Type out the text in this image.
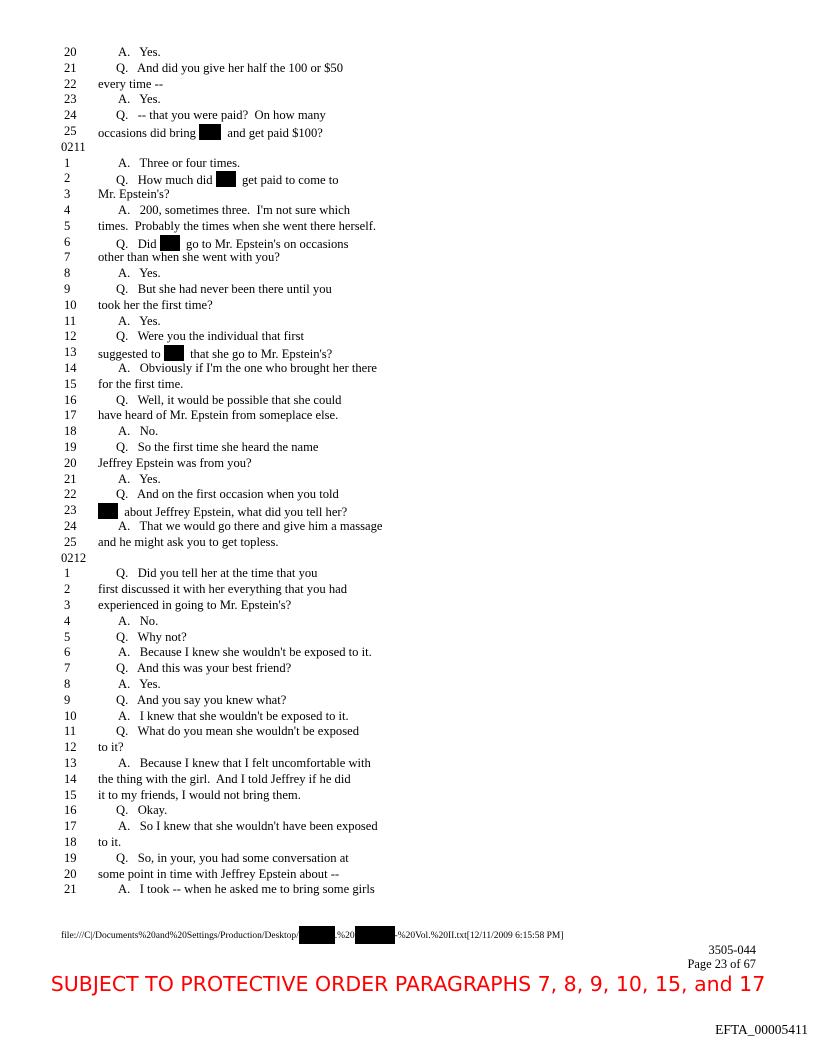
20	A.   Yes.
21	Q.   And did you give her half the 100 or $50
22 every time --
23	A.   Yes.
24	Q.   -- that you were paid?  On how many
25 occasions did bring   and get paid $100?
0211
1	A.   Three or four times.
2	Q.   How much did   get paid to come to
3 Mr. Epstein's?
4	A.   200, sometimes three.  I'm not sure which
5 times.  Probably the times when she went there herself.
6	Q.   Did   go to Mr. Epstein's on occasions
7 other than when she went with you?
8	A.   Yes.
9	Q.   But she had never been there until you
10 took her the first time?
11	A.   Yes.
12	Q.   Were you the individual that first
13 suggested to   that she go to Mr. Epstein's?
14	A.   Obviously if I'm the one who brought her there
15 for the first time.
16	Q.   Well, it would be possible that she could
17 have heard of Mr. Epstein from someplace else.
18	A.   No.
19	Q.   So the first time she heard the name
20 Jeffrey Epstein was from you?
21	A.   Yes.
22	Q.   And on the first occasion when you told
23	about Jeffrey Epstein, what did you tell her?
24	A.   That we would go there and give him a massage
25 and he might ask you to get topless.
0212
1	Q.   Did you tell her at the time that you
2 first discussed it with her everything that you had
3 experienced in going to Mr. Epstein's?
4	A.   No.
5	Q.   Why not?
6	A.   Because I knew she wouldn't be exposed to it.
7	Q.   And this was your best friend?
8	A.   Yes.
9	Q.   And you say you knew what?
10	A.   I knew that she wouldn't be exposed to it.
11	Q.   What do you mean she wouldn't be exposed
12 to it?
13	A.   Because I knew that I felt uncomfortable with
14 the thing with the girl.  And I told Jeffrey if he did
15 it to my friends, I would not bring them.
16	Q.   Okay.
17	A.   So I knew that she wouldn't have been exposed
18 to it.
19	Q.   So, in your, you had some conversation at
20 some point in time with Jeffrey Epstein about --
21	A.   I took -- when he asked me to bring some girls
file:///C|/Documents%20and%20Settings/Production/Desktop/	.%20	-%20Vol.%20II.txt[12/11/2009 6:15:58 PM]
3505-044
Page 23 of 67
SUBJECT TO PROTECTIVE ORDER PARAGRAPHS 7, 8, 9, 10, 15, and 17
EFTA_00005411
